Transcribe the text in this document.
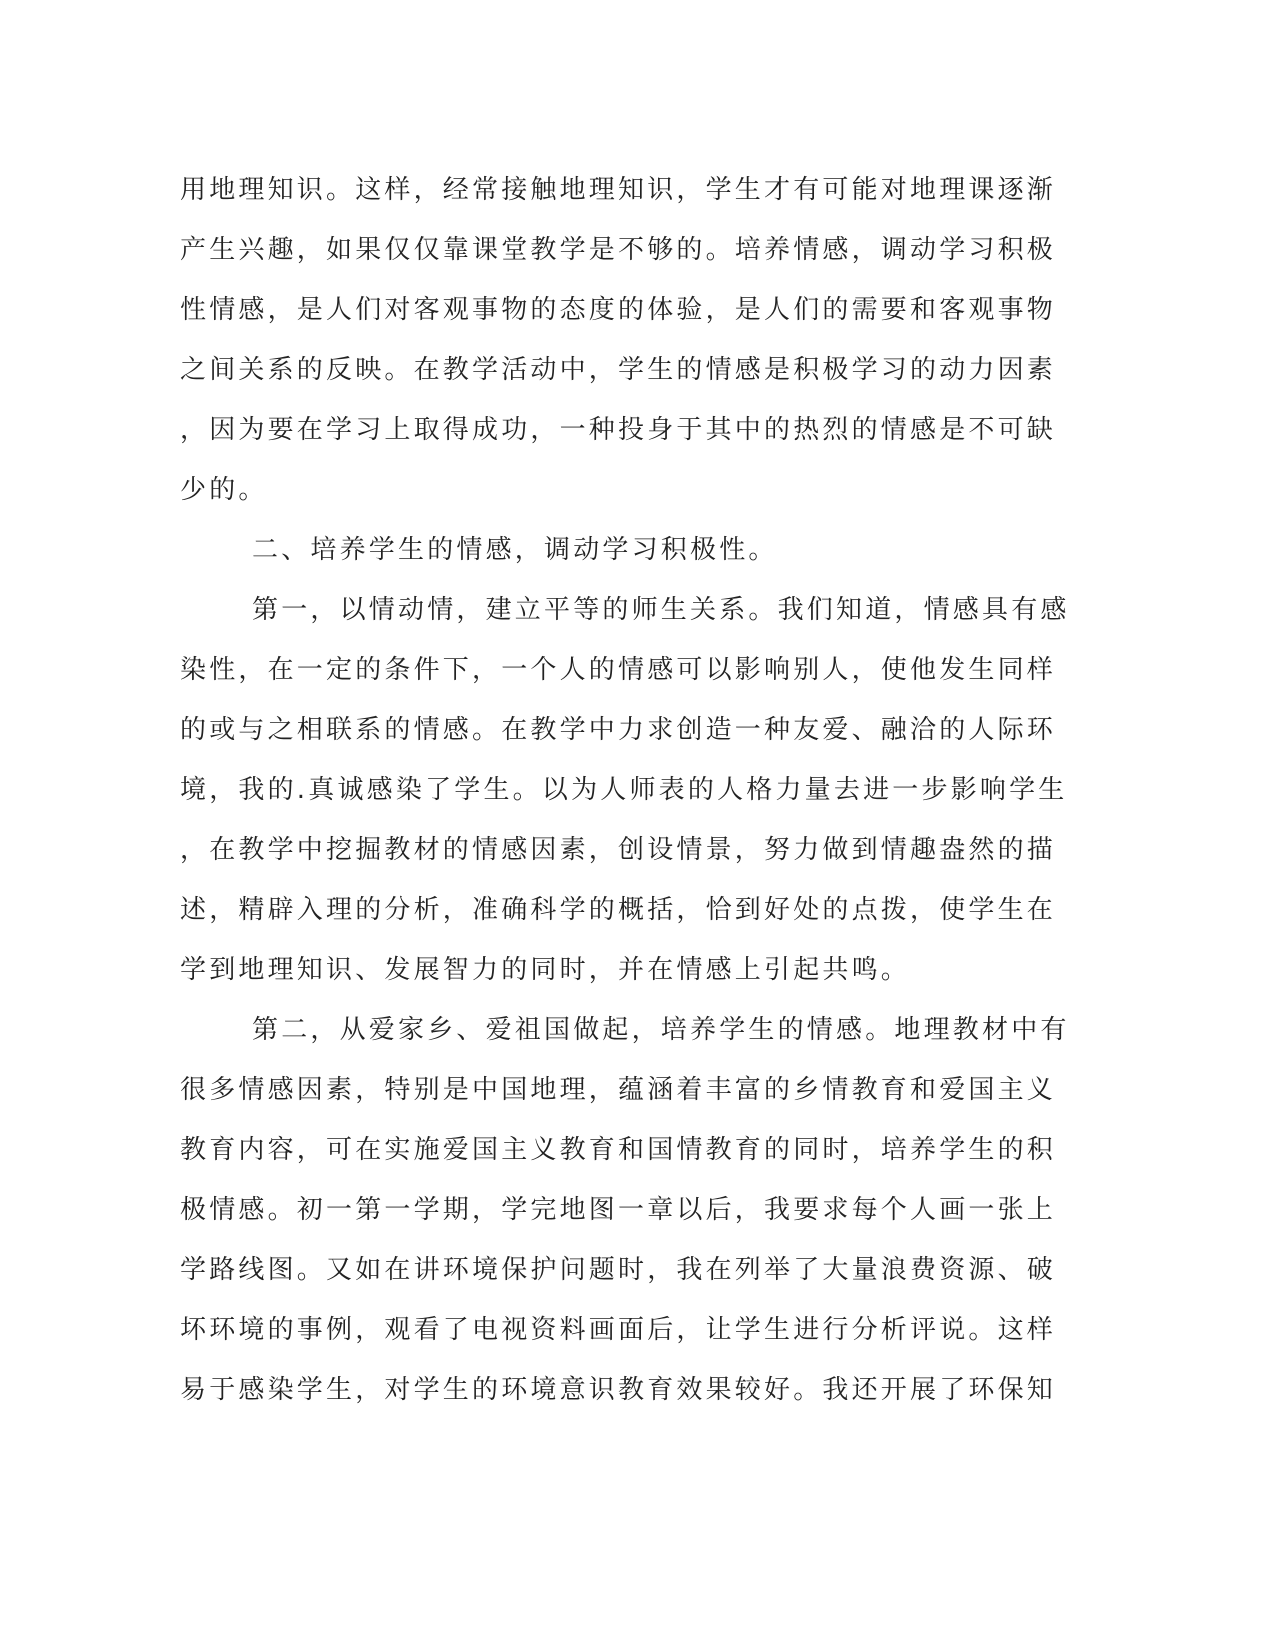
用地理知识。这样，经常接触地理知识，学生才有可能对地理课逐渐
产生兴趣，如果仅仅靠课堂教学是不够的。培养情感，调动学习积极
性情感，是人们对客观事物的态度的体验，是人们的需要和客观事物
之间关系的反映。在教学活动中，学生的情感是积极学习的动力因素
，因为要在学习上取得成功，一种投身于其中的热烈的情感是不可缺
少的。
二、培养学生的情感，调动学习积极性。
第一，以情动情，建立平等的师生关系。我们知道，情感具有感
染性，在一定的条件下，一个人的情感可以影响别人，使他发生同样
的或与之相联系的情感。在教学中力求创造一种友爱、融洽的人际环
境，我的.真诚感染了学生。以为人师表的人格力量去进一步影响学生
，在教学中挖掘教材的情感因素，创设情景，努力做到情趣盎然的描
述，精辟入理的分析，准确科学的概括，恰到好处的点拨，使学生在
学到地理知识、发展智力的同时，并在情感上引起共鸣。
第二，从爱家乡、爱祖国做起，培养学生的情感。地理教材中有
很多情感因素，特别是中国地理，蕴涵着丰富的乡情教育和爱国主义
教育内容，可在实施爱国主义教育和国情教育的同时，培养学生的积
极情感。初一第一学期，学完地图一章以后，我要求每个人画一张上
学路线图。又如在讲环境保护问题时，我在列举了大量浪费资源、破
坏环境的事例，观看了电视资料画面后，让学生进行分析评说。这样
易于感染学生，对学生的环境意识教育效果较好。我还开展了环保知
